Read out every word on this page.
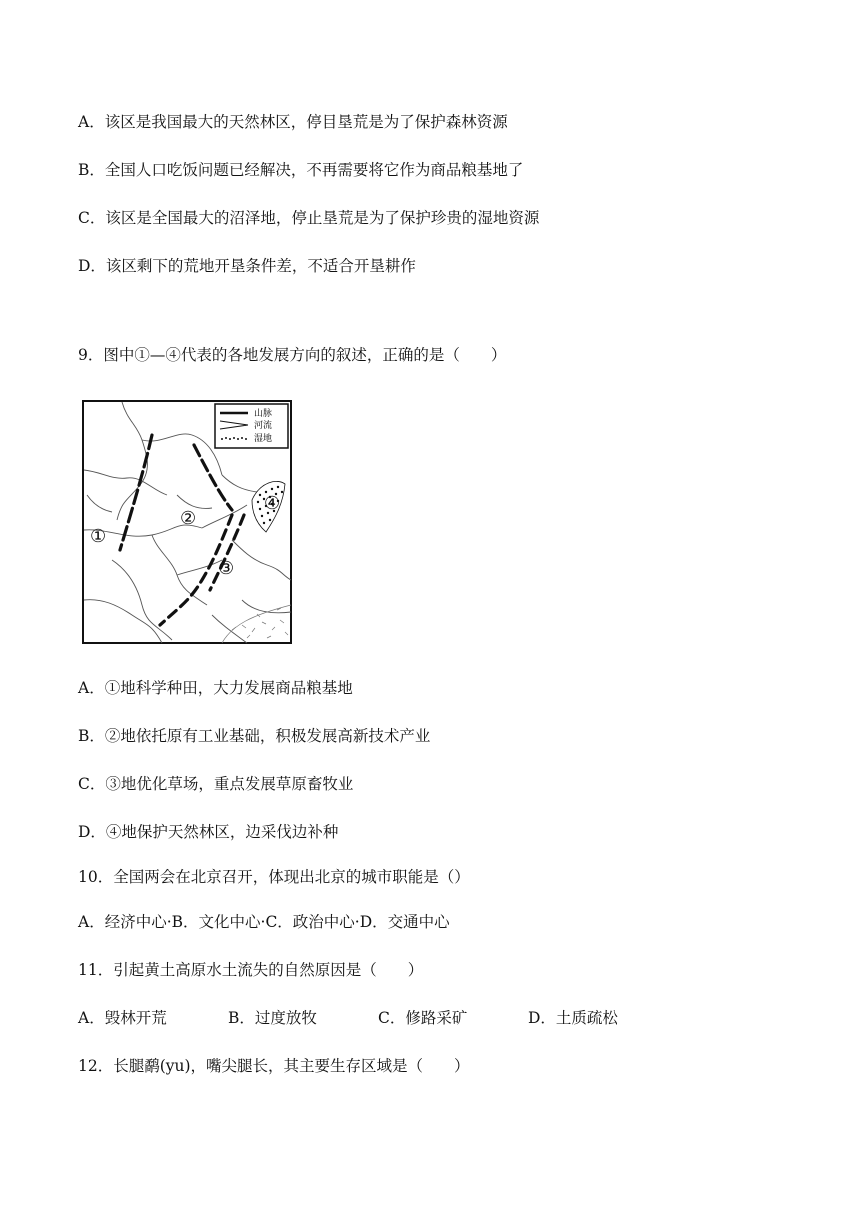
A．该区是我国最大的天然林区，停目垦荒是为了保护森林资源
B．全国人口吃饭问题已经解决，不再需要将它作为商品粮基地了
C．该区是全国最大的沼泽地，停止垦荒是为了保护珍贵的湿地资源
D．该区剩下的荒地开垦条件差，不适合开垦耕作
9．图中①—④代表的各地发展方向的叙述，正确的是（　　）
①
②
③
④
山脉
河流
湿地
A．①地科学种田，大力发展商品粮基地
B．②地依托原有工业基础，积极发展高新技术产业
C．③地优化草场，重点发展草原畜牧业
D．④地保护天然林区，边采伐边补种
10．全国两会在北京召开，体现出北京的城市职能是（）
A．经济中心·B．文化中心·C．政治中心·D．交通中心
11．引起黄土高原水土流失的自然原因是（　　）
A．毁林开荒	B．过度放牧	C．修路采矿	D．土质疏松
12．长腿鹬(yu)，嘴尖腿长，其主要生存区域是（　　）
